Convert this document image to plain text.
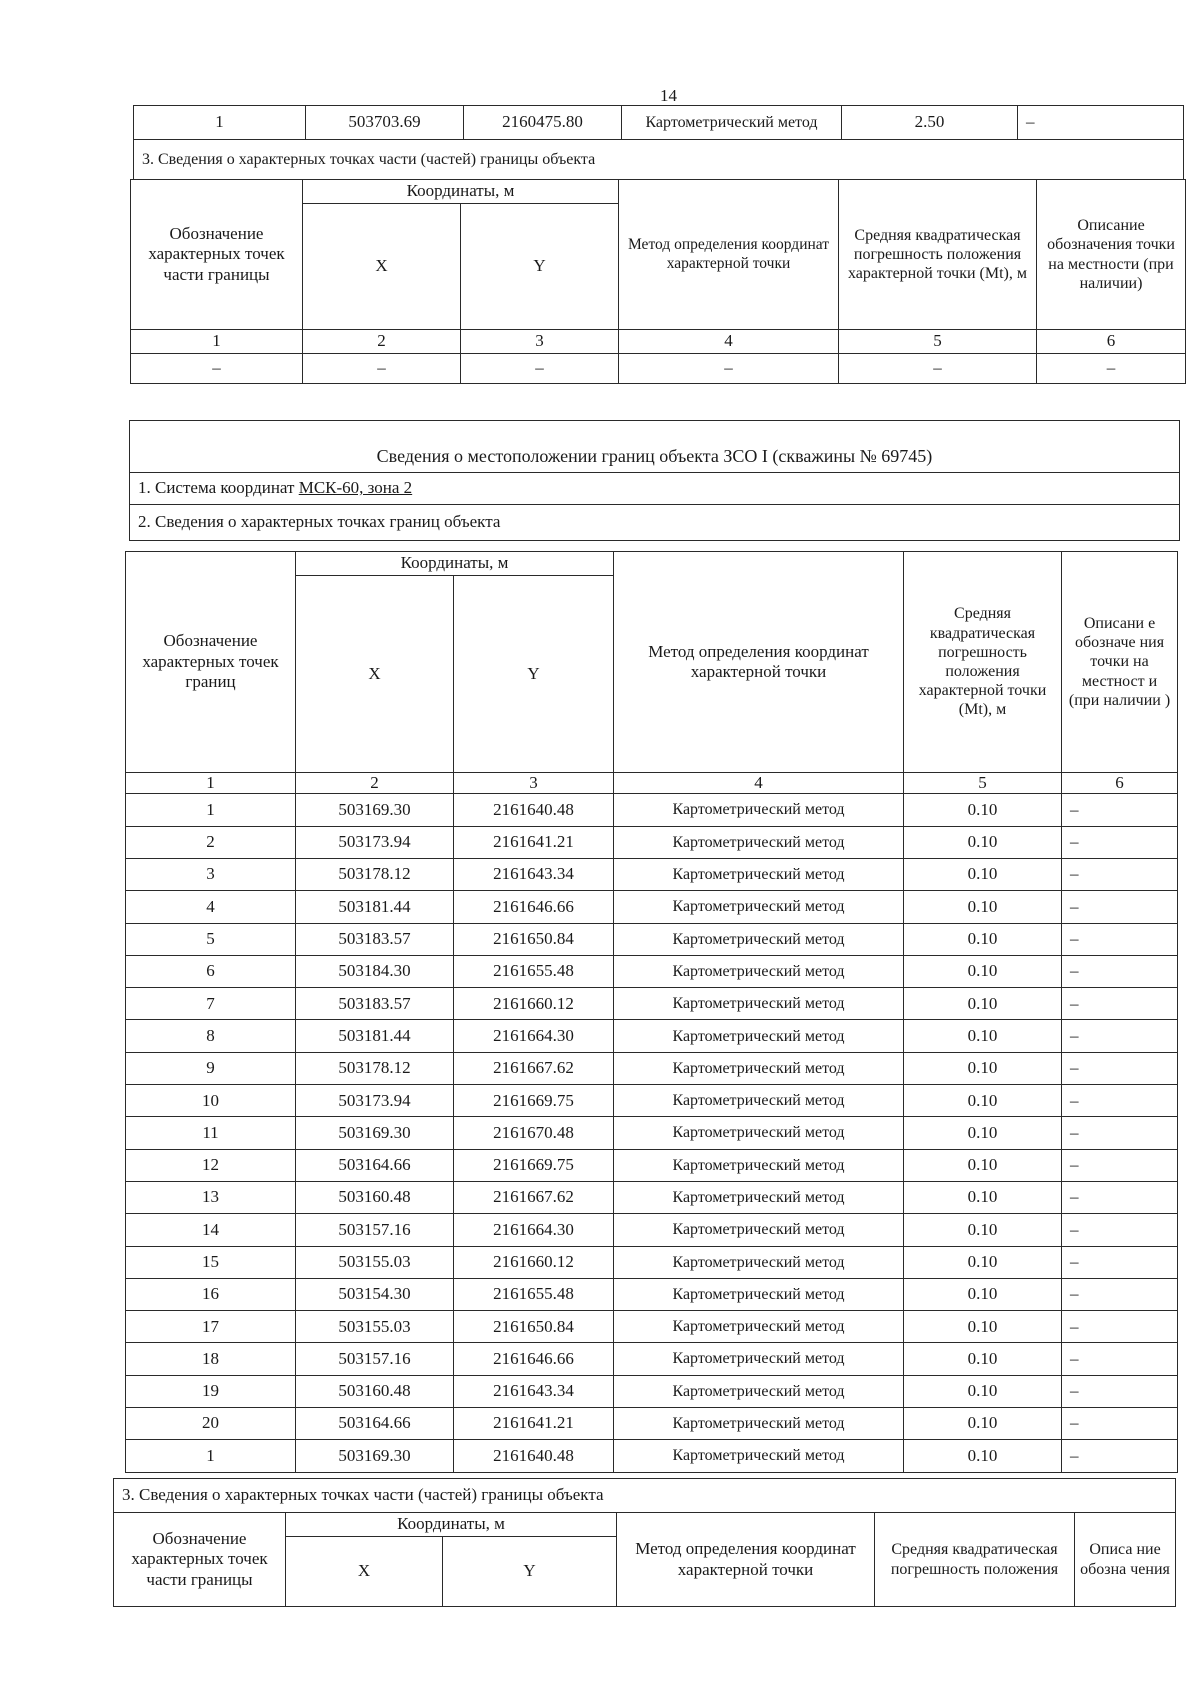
14
1	503703.69	2160475.80	Картометрический метод	2.50	–
3. Сведения о характерных точках части (частей) границы объекта
Обозначение характерных точек части границы	Координаты, м		Метод определения координат характерной точки	Средняя квадратическая погрешность положения характерной точки (Mt), м	Описание обозначения точки на местности (при наличии)
	X	Y			
1	2	3	4	5	6
–	–	–	–	–	–
Сведения о местоположении границ объекта ЗСО I (скважины № 69745)
1. Система координат МСК-60, зона 2
2. Сведения о характерных точках границ объекта
Обозначение характерных точек границ	Координаты, м		Метод определения координат характерной точки	Средняя квадратическая погрешность положения характерной точки (Mt), м	Описани е обозначе ния точки на местност и (при наличии )
	X	Y			
1	2	3	4	5	6
1	503169.30	2161640.48	Картометрический метод	0.10	–
2	503173.94	2161641.21	Картометрический метод	0.10	–
3	503178.12	2161643.34	Картометрический метод	0.10	–
4	503181.44	2161646.66	Картометрический метод	0.10	–
5	503183.57	2161650.84	Картометрический метод	0.10	–
6	503184.30	2161655.48	Картометрический метод	0.10	–
7	503183.57	2161660.12	Картометрический метод	0.10	–
8	503181.44	2161664.30	Картометрический метод	0.10	–
9	503178.12	2161667.62	Картометрический метод	0.10	–
10	503173.94	2161669.75	Картометрический метод	0.10	–
11	503169.30	2161670.48	Картометрический метод	0.10	–
12	503164.66	2161669.75	Картометрический метод	0.10	–
13	503160.48	2161667.62	Картометрический метод	0.10	–
14	503157.16	2161664.30	Картометрический метод	0.10	–
15	503155.03	2161660.12	Картометрический метод	0.10	–
16	503154.30	2161655.48	Картометрический метод	0.10	–
17	503155.03	2161650.84	Картометрический метод	0.10	–
18	503157.16	2161646.66	Картометрический метод	0.10	–
19	503160.48	2161643.34	Картометрический метод	0.10	–
20	503164.66	2161641.21	Картометрический метод	0.10	–
1	503169.30	2161640.48	Картометрический метод	0.10	–
3. Сведения о характерных точках части (частей) границы объекта					
Обозначение характерных точек части границы	Координаты, м		Метод определения координат характерной точки	Средняя квадратическая погрешность положения	Описа ние обозна чения
	X	Y			
